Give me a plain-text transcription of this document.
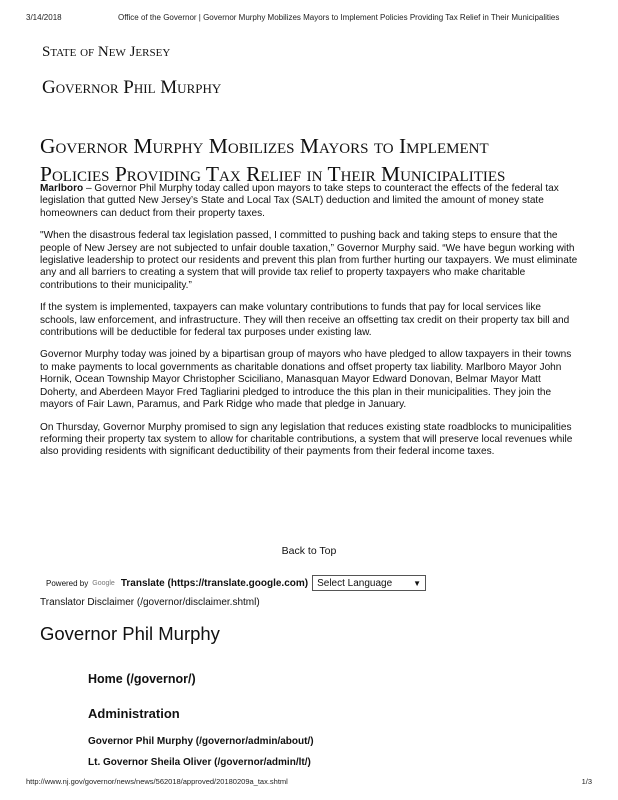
3/14/2018	Office of the Governor | Governor Murphy Mobilizes Mayors to Implement Policies Providing Tax Relief in Their Municipalities
State of New Jersey
Governor Phil Murphy
Governor Murphy Mobilizes Mayors to Implement
Policies Providing Tax Relief in Their Municipalities

Marlboro – Governor Phil Murphy today called upon mayors to take steps to counteract the effects of the federal tax legislation that gutted New Jersey’s State and Local Tax (SALT) deduction and limited the amount of money state homeowners can deduct from their property taxes.

"When the disastrous federal tax legislation passed, I committed to pushing back and taking steps to ensure that the people of New Jersey are not subjected to unfair double taxation,” Governor Murphy said. “We have begun working with legislative leadership to protect our residents and prevent this plan from further hurting our taxpayers. We must eliminate any and all barriers to creating a system that will provide tax relief to property taxpayers who make charitable contributions to their municipality.”

If the system is implemented, taxpayers can make voluntary contributions to funds that pay for local services like schools, law enforcement, and infrastructure. They will then receive an offsetting tax credit on their property tax bill and contributions will be deductible for federal tax purposes under existing law.

Governor Murphy today was joined by a bipartisan group of mayors who have pledged to allow taxpayers in their towns to make payments to local governments as charitable donations and offset property tax liability. Marlboro Mayor John Hornik, Ocean Township Mayor Christopher Sciciliano, Manasquan Mayor Edward Donovan, Belmar Mayor Matt Doherty, and Aberdeen Mayor Fred Tagliarini pledged to introduce the this plan in their municipalities. They join the mayors of Fair Lawn, Paramus, and Park Ridge who made that pledge in January.

On Thursday, Governor Murphy promised to sign any legislation that reduces existing state roadblocks to municipalities reforming their property tax system to allow for charitable contributions, a system that will preserve local revenues while also providing residents with significant deductibility of their payments from their federal income taxes.

Back to Top
Powered by Google Translate (https://translate.google.com) Select Language	▼
Translator Disclaimer (/governor/disclaimer.shtml)
Governor Phil Murphy
Home (/governor/)
Administration
Governor Phil Murphy (/governor/admin/about/)
Lt. Governor Sheila Oliver (/governor/admin/lt/)
http://www.nj.gov/governor/news/news/562018/approved/20180209a_tax.shtml	1/3
